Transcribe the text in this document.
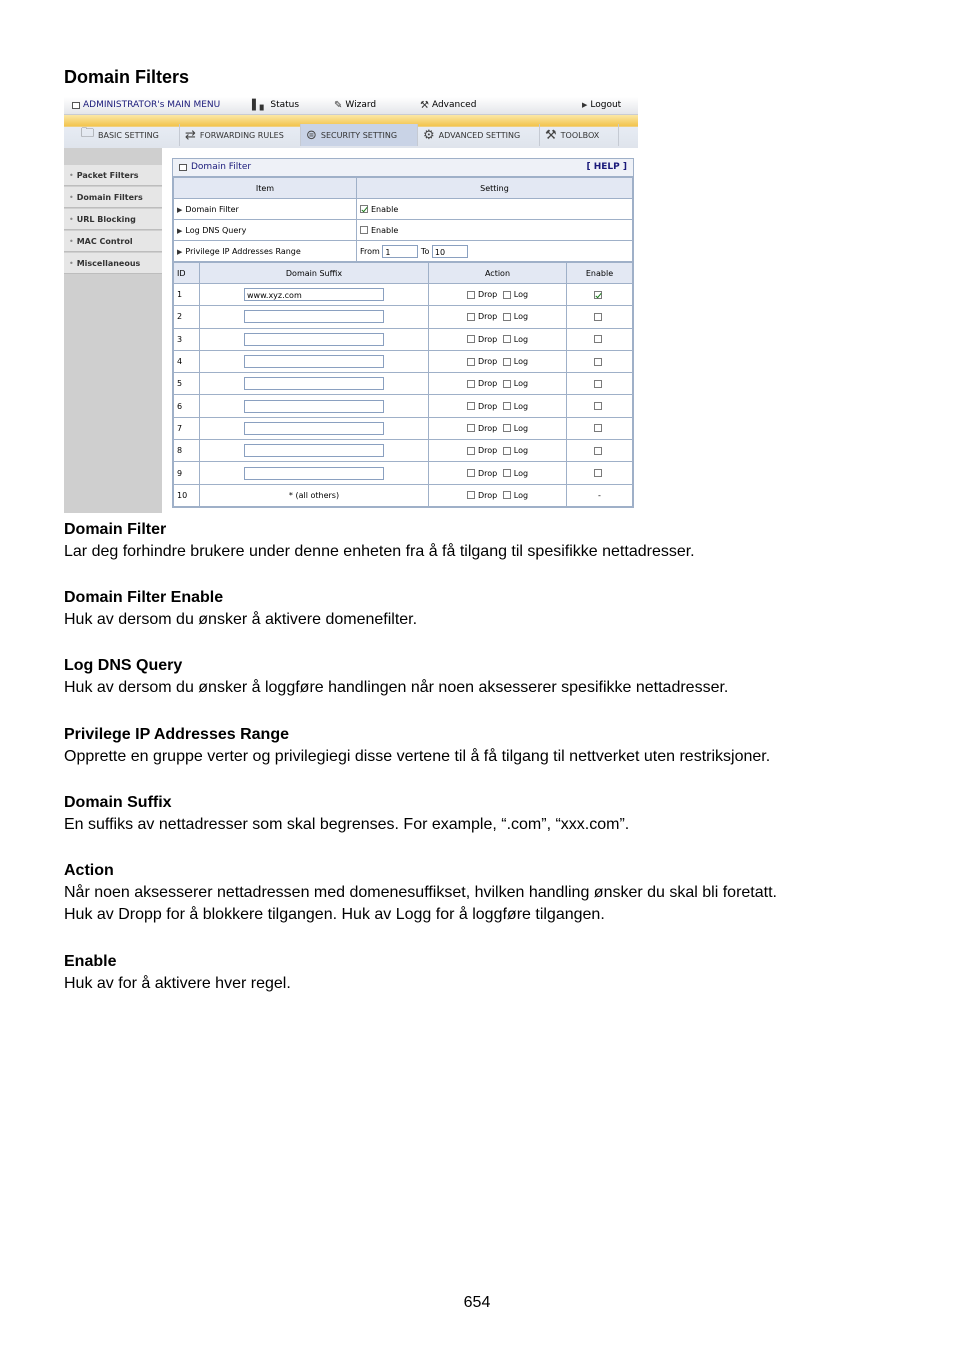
Domain Filters
ADMINISTRATOR's MAIN MENU	▌▖ Status	✎ Wizard	⚒ Advanced	▶ Logout
🗀 BASIC SETTING ⇄ FORWARDING RULES ⊜ SECURITY SETTING ⚙ ADVANCED SETTING ⚒ TOOLBOX
• Packet Filters
• Domain Filters
• URL Blocking
• MAC Control
• Miscellaneous
Domain Filter	[ HELP ]
Item	Setting
▶ Domain Filter	Enable
▶ Log DNS Query	Enable
▶ Privilege IP Addresses Range	From 1 To 10
ID	Domain Suffix	Action	Enable
1	www.xyz.com	Drop Log	
2		Drop Log	
3		Drop Log	
4		Drop Log	
5		Drop Log	
6		Drop Log	
7		Drop Log	
8		Drop Log	
9		Drop Log	
10	* (all others)	Drop Log	-
Domain Filter
Lar deg forhindre brukere under denne enheten fra å få tilgang til spesifikke nettadresser.
Domain Filter Enable
Huk av dersom du ønsker å aktivere domenefilter.
Log DNS Query
Huk av dersom du ønsker å loggføre handlingen når noen aksesserer spesifikke nettadresser.
Privilege IP Addresses Range
Opprette en gruppe verter og privilegiegi disse vertene til å få tilgang til nettverket uten restriksjoner.
Domain Suffix
En suffiks av nettadresser som skal begrenses. For example, “.com”, “xxx.com”.
Action
Når noen aksesserer nettadressen med domenesuffikset, hvilken handling ønsker du skal bli foretatt.
Huk av Dropp for å blokkere tilgangen. Huk av Logg for å loggføre tilgangen.
Enable
Huk av for å aktivere hver regel.
654
